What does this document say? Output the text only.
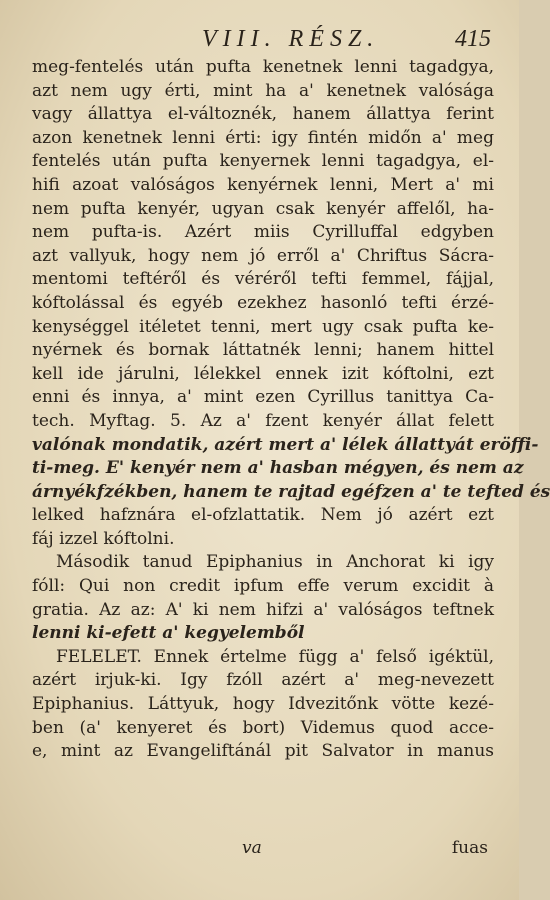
VIII. RÉSZ.	415
meg-fentelés után pufta kenetnek lenni tagadgya,
azt nem ugy érti, mint ha a' kenetnek valósága
vagy állattya el-változnék, hanem állattya ferint
azon kenetnek lenni érti: igy fintén midőn a' meg
fentelés után pufta kenyernek lenni tagadgya, el-
hifi azoat valóságos kenyérnek lenni, Mert a' mi
nem pufta kenyér, ugyan csak kenyér affelől, ha-
nem pufta-is. Azért miis Cyrilluffal edgyben
azt vallyuk, hogy nem jó erről a' Chriftus Sácra-
mentomi teftéről és véréről tefti femmel, fájjal,
kóftolással és egyéb ezekhez hasonló tefti érzé-
kenységgel itéletet tenni, mert ugy csak pufta ke-
nyérnek és bornak láttatnék lenni; hanem hittel
kell ide járulni, lélekkel ennek izit kóftolni, ezt
enni és innya, a' mint ezen Cyrillus tanittya Ca-
tech. Myftag. 5. Az a' fzent kenyér állat felett
valónak mondatik, azért mert a' lélek állattyát eröffi-
ti-meg. E' kenyér nem a' hasban mégyen, és nem az
árnyékfzékben, hanem te rajtad egéfzen a' te tefted és
lelked hafznára el-ofzlattatik. Nem jó azért ezt
fáj izzel kóftolni.
Második tanud Epiphanius in Anchorat ki igy
fóll: Qui non credit ipfum effe verum excidit à
gratia. Az az: A' ki nem hifzi a' valóságos teftnek
lenni ki-efett a' kegyelemből
FELELET. Ennek értelme függ a' felső igéktül,
azért irjuk-ki. Igy fzóll azért a' meg-nevezett
Epiphanius. Láttyuk, hogy Idvezitőnk vötte kezé-
ben (a' kenyeret és bort) Videmus quod acce-
e, mint az Evangeliftánál pit Salvator in manus
va	fuas
